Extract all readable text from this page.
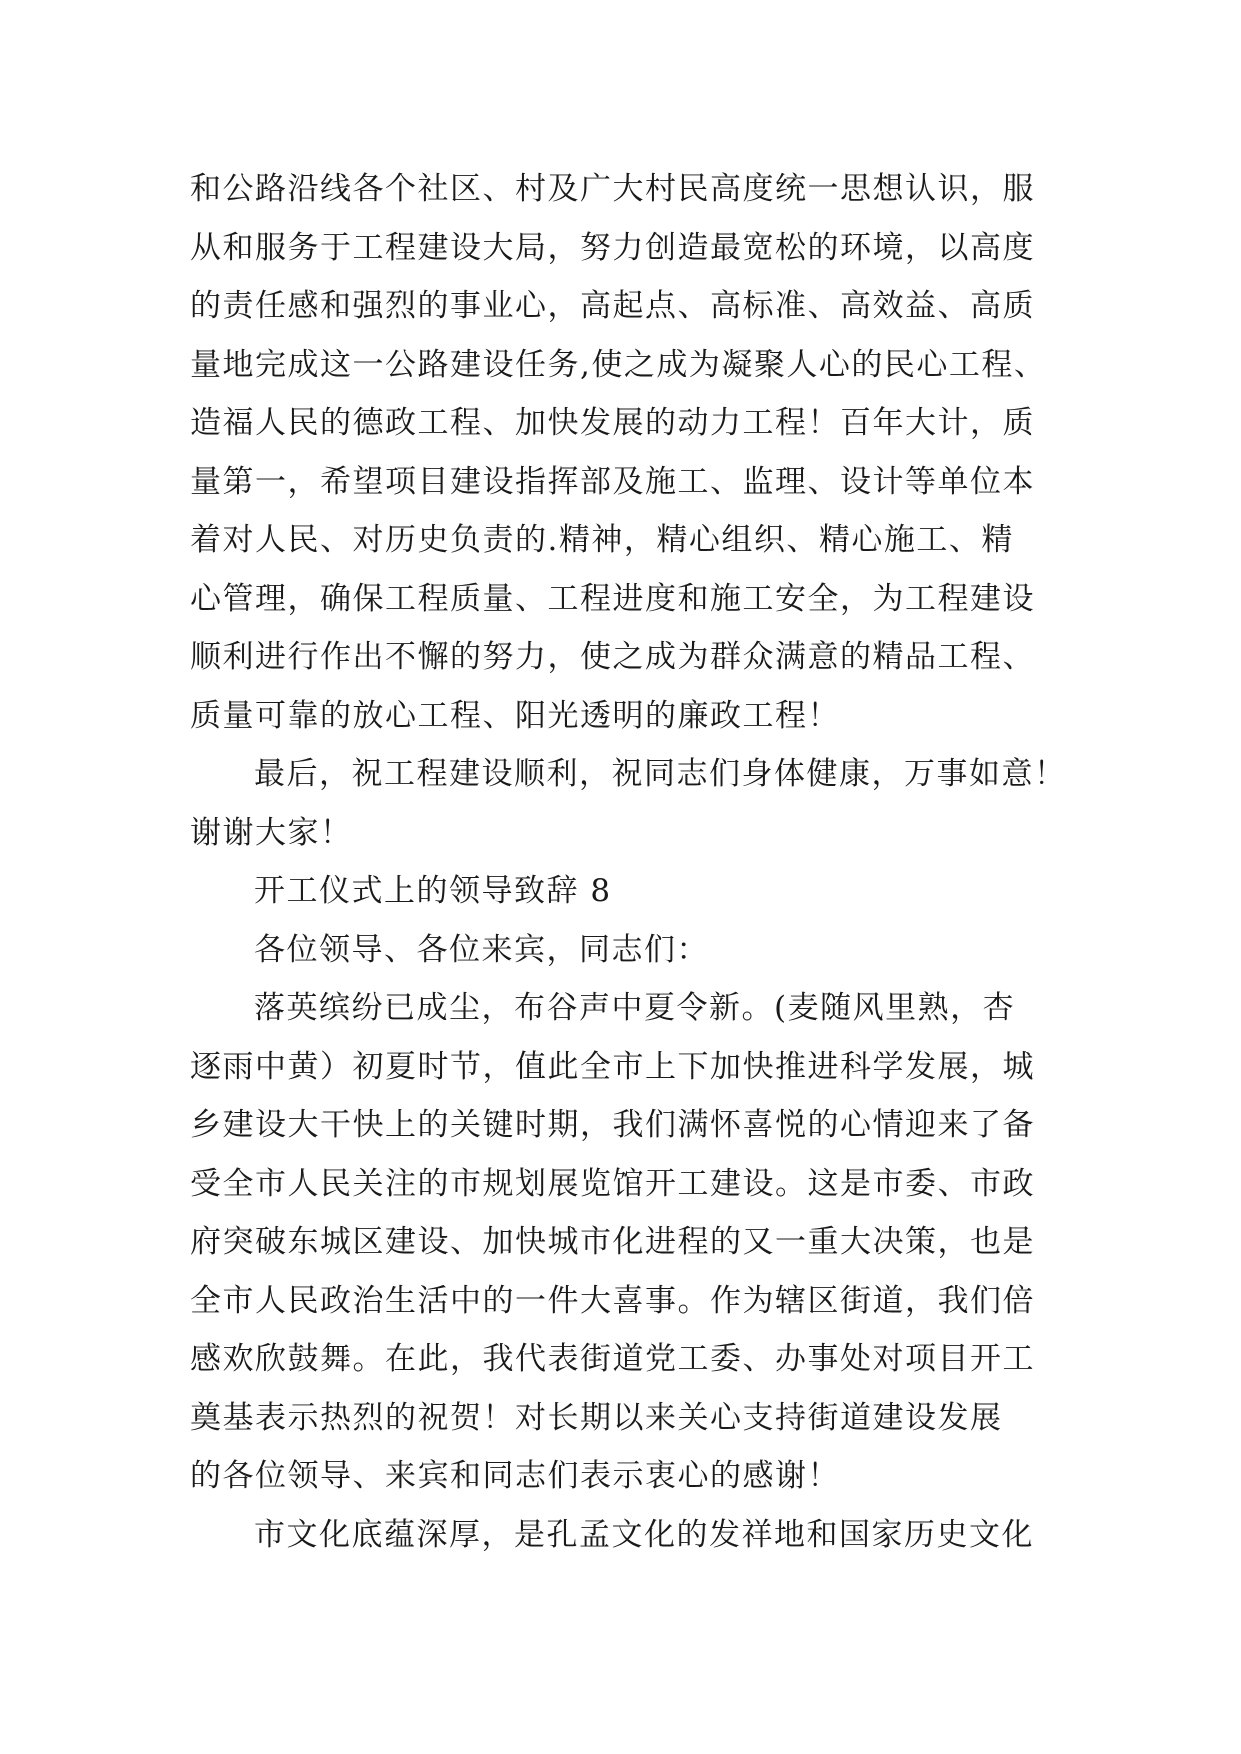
和公路沿线各个社区、村及广大村民高度统一思想认识，服
从和服务于工程建设大局，努力创造最宽松的环境，以高度
的责任感和强烈的事业心，高起点、高标准、高效益、高质
量地完成这一公路建设任务,使之成为凝聚人心的民心工程、
造福人民的德政工程、加快发展的动力工程！百年大计，质
量第一，希望项目建设指挥部及施工、监理、设计等单位本
着对人民、对历史负责的.精神，精心组织、精心施工、精
心管理，确保工程质量、工程进度和施工安全，为工程建设
顺利进行作出不懈的努力，使之成为群众满意的精品工程、
质量可靠的放心工程、阳光透明的廉政工程！
最后，祝工程建设顺利，祝同志们身体健康，万事如意！
谢谢大家！
开工仪式上的领导致辞 8
各位领导、各位来宾，同志们：
落英缤纷已成尘，布谷声中夏令新。(麦随风里熟，杏
逐雨中黄）初夏时节，值此全市上下加快推进科学发展，城
乡建设大干快上的关键时期，我们满怀喜悦的心情迎来了备
受全市人民关注的市规划展览馆开工建设。这是市委、市政
府突破东城区建设、加快城市化进程的又一重大决策，也是
全市人民政治生活中的一件大喜事。作为辖区街道，我们倍
感欢欣鼓舞。在此，我代表街道党工委、办事处对项目开工
奠基表示热烈的祝贺！对长期以来关心支持街道建设发展
的各位领导、来宾和同志们表示衷心的感谢！
市文化底蕴深厚，是孔孟文化的发祥地和国家历史文化
